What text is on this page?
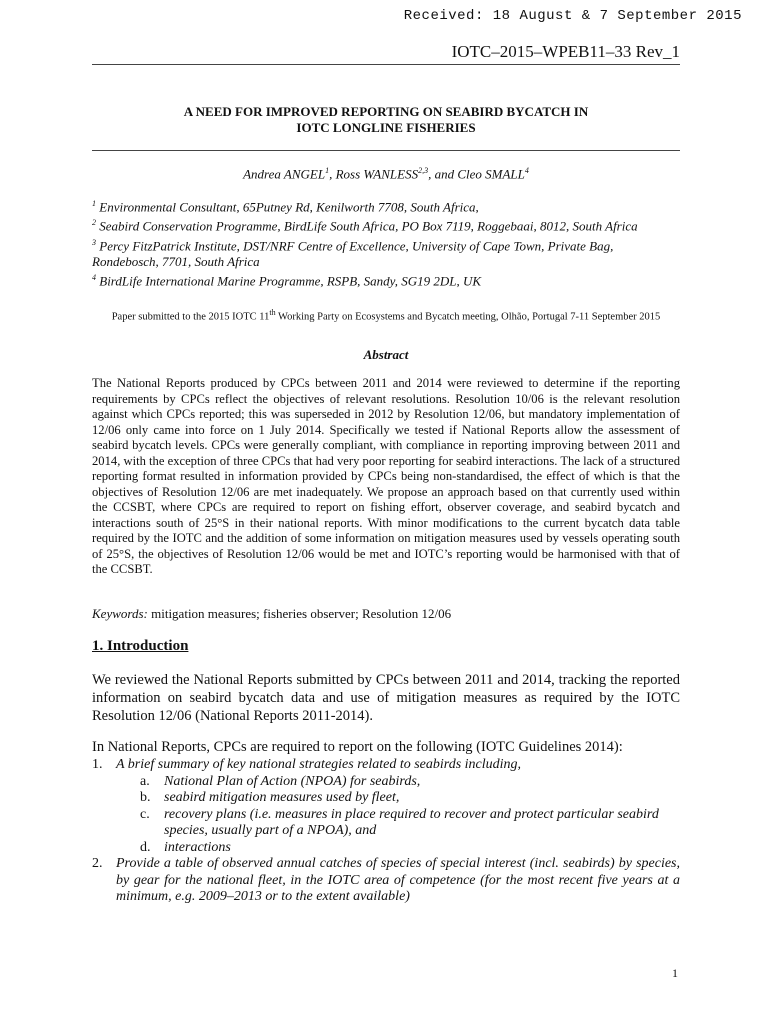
Received: 18 August & 7 September 2015
IOTC–2015–WPEB11–33 Rev_1
A NEED FOR IMPROVED REPORTING ON SEABIRD BYCATCH IN
IOTC LONGLINE FISHERIES
Andrea ANGEL$^1$, Ross WANLESS$^{2,3}$, and Cleo SMALL$^4$
$^1$ Environmental Consultant, 65Putney Rd, Kenilworth 7708, South Africa,
$^2$ Seabird Conservation Programme, BirdLife South Africa, PO Box 7119, Roggebaai, 8012, South Africa
$^3$ Percy FitzPatrick Institute, DST/NRF Centre of Excellence, University of Cape Town, Private Bag, Rondebosch, 7701, South Africa
$^4$ BirdLife International Marine Programme, RSPB, Sandy, SG19 2DL, UK
Paper submitted to the 2015 IOTC 11th Working Party on Ecosystems and Bycatch meeting, Olhão, Portugal 7-11 September 2015
Abstract
The National Reports produced by CPCs between 2011 and 2014 were reviewed to determine if the reporting requirements by CPCs reflect the objectives of relevant resolutions. Resolution 10/06 is the relevant resolution against which CPCs reported; this was superseded in 2012 by Resolution 12/06, but mandatory implementation of 12/06 only came into force on 1 July 2014. Specifically we tested if National Reports allow the assessment of seabird bycatch levels. CPCs were generally compliant, with compliance in reporting improving between 2011 and 2014, with the exception of three CPCs that had very poor reporting for seabird interactions. The lack of a structured reporting format resulted in information provided by CPCs being non-standardised, the effect of which is that the objectives of Resolution 12/06 are met inadequately. We propose an approach based on that currently used within the CCSBT, where CPCs are required to report on fishing effort, observer coverage, and seabird bycatch and interactions south of 25°S in their national reports. With minor modifications to the current bycatch data table required by the IOTC and the addition of some information on mitigation measures used by vessels operating south of 25°S, the objectives of Resolution 12/06 would be met and IOTC’s reporting would be harmonised with that of the CCSBT.
Keywords: mitigation measures; fisheries observer; Resolution 12/06
1. Introduction
We reviewed the National Reports submitted by CPCs between 2011 and 2014, tracking the reported information on seabird bycatch data and use of mitigation measures as required by the IOTC Resolution 12/06 (National Reports 2011-2014).
In National Reports, CPCs are required to report on the following (IOTC Guidelines 2014):
1. A brief summary of key national strategies related to seabirds including,
a. National Plan of Action (NPOA) for seabirds,
b. seabird mitigation measures used by fleet,
c. recovery plans (i.e. measures in place required to recover and protect particular seabird species, usually part of a NPOA), and
d. interactions
2. Provide a table of observed annual catches of species of special interest (incl. seabirds) by species, by gear for the national fleet, in the IOTC area of competence (for the most recent five years at a minimum, e.g. 2009–2013 or to the extent available)
1
